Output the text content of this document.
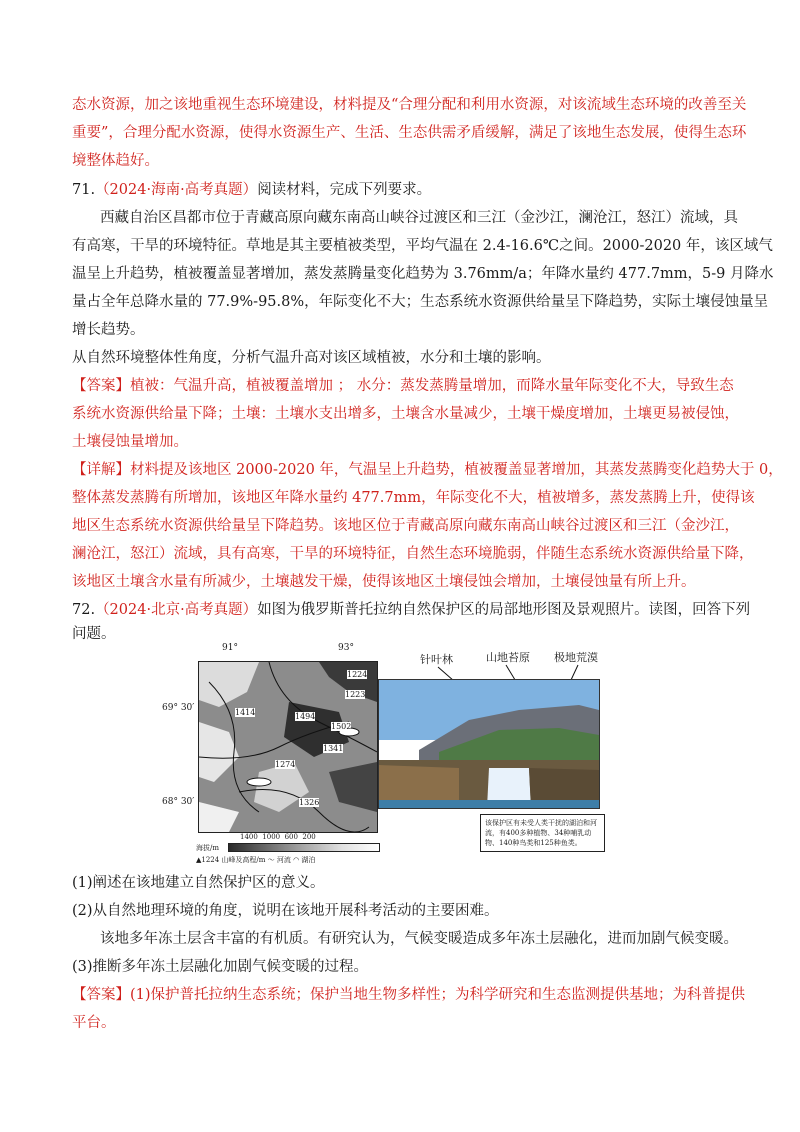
态水资源，加之该地重视生态环境建设，材料提及“合理分配和利用水资源，对该流域生态环境的改善至关
重要”，合理分配水资源，使得水资源生产、生活、生态供需矛盾缓解，满足了该地生态发展，使得生态环
境整体趋好。
71.（2024·海南·高考真题）阅读材料，完成下列要求。
西藏自治区昌都市位于青藏高原向藏东南高山峡谷过渡区和三江（金沙江，澜沧江，怒江）流域，具
有高寒，干旱的环境特征。草地是其主要植被类型，平均气温在 2.4-16.6℃之间。2000-2020 年，该区域气
温呈上升趋势，植被覆盖显著增加，蒸发蒸腾量变化趋势为 3.76mm/a；年降水量约 477.7mm，5-9 月降水
量占全年总降水量的 77.9%-95.8%，年际变化不大；生态系统水资源供给量呈下降趋势，实际土壤侵蚀量呈
增长趋势。
从自然环境整体性角度，分析气温升高对该区域植被，水分和土壤的影响。
【答案】植被：气温升高，植被覆盖增加 ； 水分：蒸发蒸腾量增加，而降水量年际变化不大，导致生态
系统水资源供给量下降；土壤：土壤水支出增多，土壤含水量减少，土壤干燥度增加，土壤更易被侵蚀，
土壤侵蚀量增加。
【详解】材料提及该地区 2000-2020 年，气温呈上升趋势，植被覆盖显著增加，其蒸发蒸腾变化趋势大于 0，
整体蒸发蒸腾有所增加，该地区年降水量约 477.7mm，年际变化不大，植被增多，蒸发蒸腾上升，使得该
地区生态系统水资源供给量呈下降趋势。该地区位于青藏高原向藏东南高山峡谷过渡区和三江（金沙江，
澜沧江，怒江）流域，具有高寒，干旱的环境特征，自然生态环境脆弱，伴随生态系统水资源供给量下降，
该地区土壤含水量有所减少，土壤越发干燥，使得该地区土壤侵蚀会增加，土壤侵蚀量有所上升。
72.（2024·北京·高考真题）如图为俄罗斯普托拉纳自然保护区的局部地形图及景观照片。读图，回答下列
问题。
91°	93°
69° 30′
68° 30′
1224
1223
1414	1494
1502
1341
1274
1326
针叶林	山地苔原 极地荒漠
该保护区有未受人类干扰的湖泊和河流，有400多种植物、34种哺乳动物、140种鸟类和125种鱼类。
1400 1000 600 200
海拔/m
▲1224 山峰及高程/m ～ 河流 ◠ 湖泊
(1)阐述在该地建立自然保护区的意义。
(2)从自然地理环境的角度，说明在该地开展科考活动的主要困难。
该地多年冻土层含丰富的有机质。有研究认为，气候变暖造成多年冻土层融化，进而加剧气候变暖。
(3)推断多年冻土层融化加剧气候变暖的过程。
【答案】(1)保护普托拉纳生态系统；保护当地生物多样性；为科学研究和生态监测提供基地；为科普提供
平台。
